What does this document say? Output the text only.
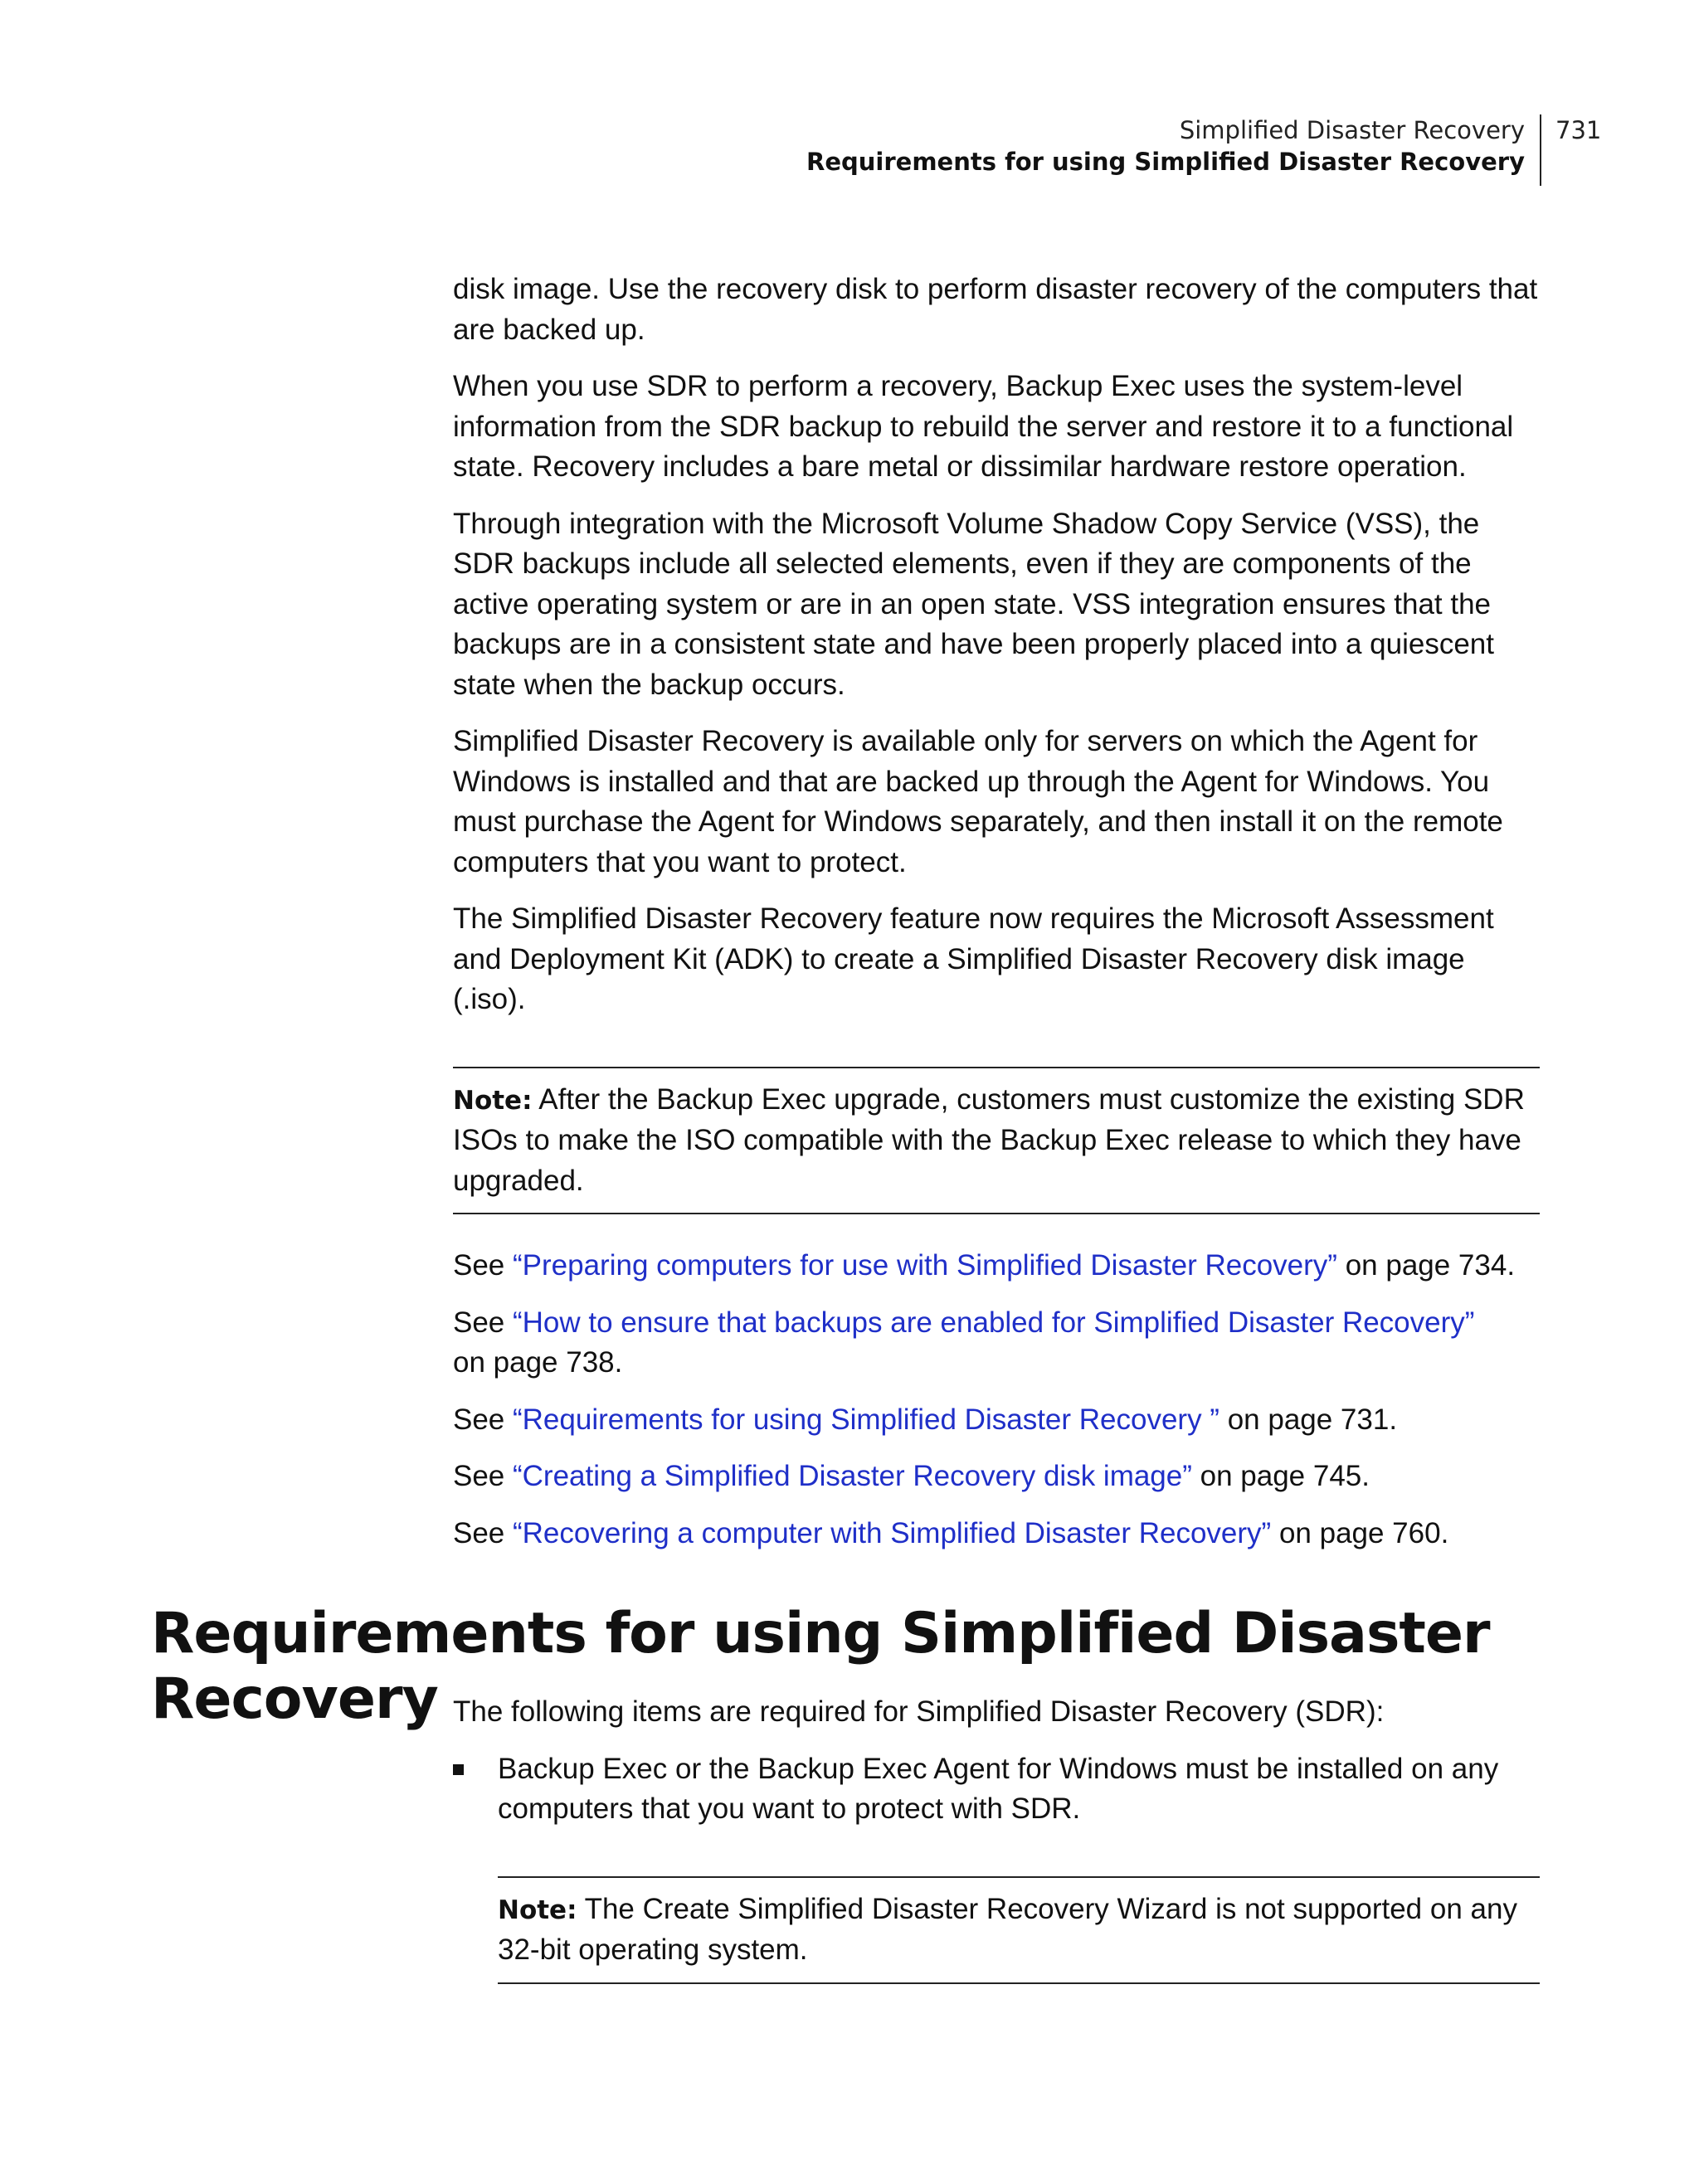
Simplified Disaster Recovery
Requirements for using Simplified Disaster Recovery
731

disk image. Use the recovery disk to perform disaster recovery of the computers that are backed up.

When you use SDR to perform a recovery, Backup Exec uses the system-level information from the SDR backup to rebuild the server and restore it to a functional state. Recovery includes a bare metal or dissimilar hardware restore operation.

Through integration with the Microsoft Volume Shadow Copy Service (VSS), the SDR backups include all selected elements, even if they are components of the active operating system or are in an open state. VSS integration ensures that the backups are in a consistent state and have been properly placed into a quiescent state when the backup occurs.

Simplified Disaster Recovery is available only for servers on which the Agent for Windows is installed and that are backed up through the Agent for Windows. You must purchase the Agent for Windows separately, and then install it on the remote computers that you want to protect.

The Simplified Disaster Recovery feature now requires the Microsoft Assessment and Deployment Kit (ADK) to create a Simplified Disaster Recovery disk image (.iso).

Note: After the Backup Exec upgrade, customers must customize the existing SDR ISOs to make the ISO compatible with the Backup Exec release to which they have upgraded.
See “Preparing computers for use with Simplified Disaster Recovery” on page 734.
See “How to ensure that backups are enabled for Simplified Disaster Recovery”
on page 738.
See “Requirements for using Simplified Disaster Recovery ” on page 731.
See “Creating a Simplified Disaster Recovery disk image” on page 745.
See “Recovering a computer with Simplified Disaster Recovery” on page 760.
Requirements for using Simplified Disaster Recovery The following items are required for Simplified Disaster Recovery (SDR):

Backup Exec or the Backup Exec Agent for Windows must be installed on any computers that you want to protect with SDR.
Note: The Create Simplified Disaster Recovery Wizard is not supported on any 32-bit operating system.
